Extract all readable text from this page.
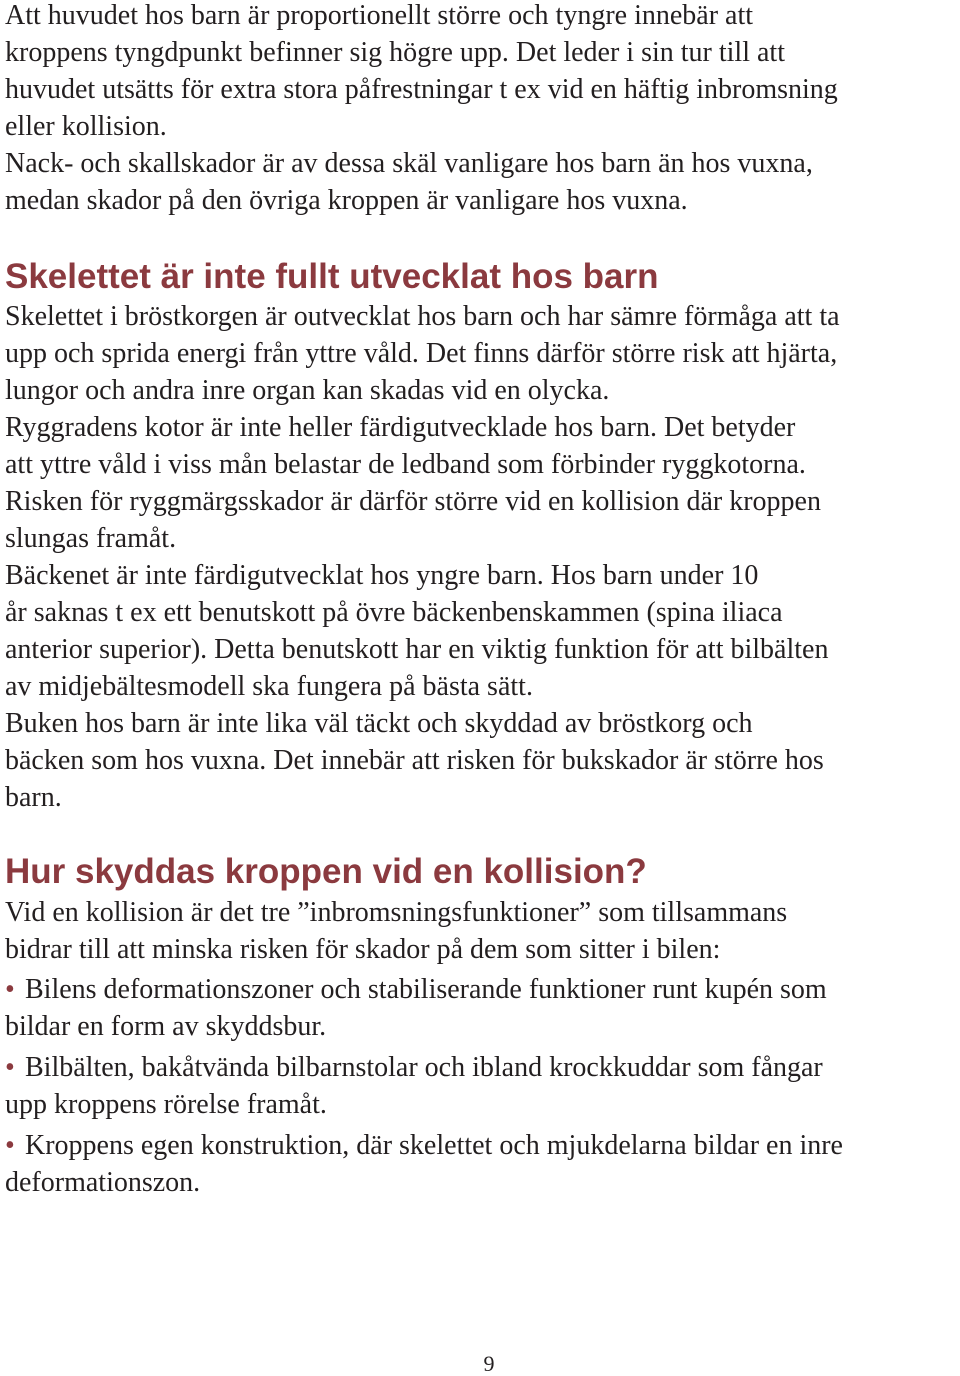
Att huvudet hos barn är proportionellt större och tyngre innebär att
kroppens tyngdpunkt befinner sig högre upp. Det leder i sin tur till att
huvudet utsätts för extra stora påfrestningar t ex vid en häftig inbromsning
eller kollision.
Nack- och skallskador är av dessa skäl vanligare hos barn än hos vuxna,
medan skador på den övriga kroppen är vanligare hos vuxna.
Skelettet är inte fullt utvecklat hos barn
Skelettet i bröstkorgen är outvecklat hos barn och har sämre förmåga att ta
upp och sprida energi från yttre våld. Det finns därför större risk att hjärta,
lungor och andra inre organ kan skadas vid en olycka.
Ryggradens kotor är inte heller färdigutvecklade hos barn. Det betyder
att yttre våld i viss mån belastar de ledband som förbinder ryggkotorna.
Risken för ryggmärgsskador är därför större vid en kollision där kroppen
slungas framåt.
Bäckenet är inte färdigutvecklat hos yngre barn. Hos barn under 10
år saknas t ex ett benutskott på övre bäckenbenskammen (spina iliaca
anterior superior). Detta benutskott har en viktig funktion för att bilbälten
av midjebältesmodell ska fungera på bästa sätt.
Buken hos barn är inte lika väl täckt och skyddad av bröstkorg och
bäcken som hos vuxna. Det innebär att risken för bukskador är större hos
barn.
Hur skyddas kroppen vid en kollision?
Vid en kollision är det tre ”inbromsningsfunktioner” som tillsammans
bidrar till att minska risken för skador på dem som sitter i bilen:
• Bilens deformationszoner och stabiliserande funktioner runt kupén som
bildar en form av skyddsbur.
• Bilbälten, bakåtvända bilbarnstolar och ibland krockkuddar som fångar
upp kroppens rörelse framåt.
• Kroppens egen konstruktion, där skelettet och mjukdelarna bildar en inre
deformationszon.
9
